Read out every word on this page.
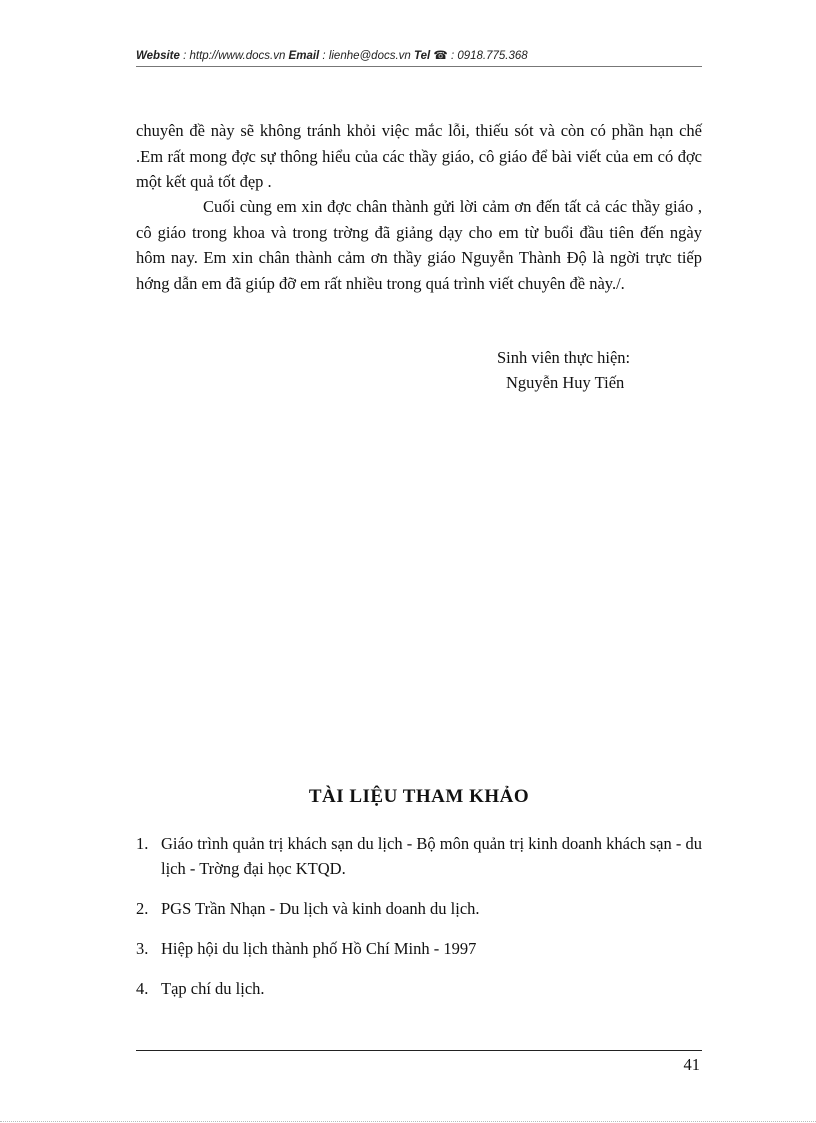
Website : http://www.docs.vn Email : lienhe@docs.vn Tel ☎ : 0918.775.368
chuyên đề này sẽ không tránh khỏi việc mắc lỗi, thiếu sót và còn có phần hạn chế .Em rất mong đợc sự thông hiểu của các thầy giáo, cô giáo để bài viết của em có đợc một kết quả tốt đẹp .
Cuối cùng em xin đợc chân thành gửi lời cảm ơn đến tất cả các thầy giáo , cô giáo trong khoa và trong trờng đã giảng dạy cho em từ buổi đầu tiên đến ngày hôm nay. Em xin chân thành cảm ơn thầy giáo Nguyễn Thành Độ là ngời trực tiếp hớng dẫn em đã giúp đỡ em rất nhiều trong quá trình viết chuyên đề này./.
Sinh viên thực hiện:
Nguyễn Huy Tiến
TÀI LIỆU THAM KHẢO
1. Giáo trình quản trị khách sạn du lịch - Bộ môn quản trị kinh doanh khách sạn - du lịch - Trờng đại học KTQD.
2. PGS Trần Nhạn - Du lịch và kinh doanh du lịch.
3. Hiệp hội du lịch thành phố Hồ Chí Minh - 1997
4. Tạp chí du lịch.
41
